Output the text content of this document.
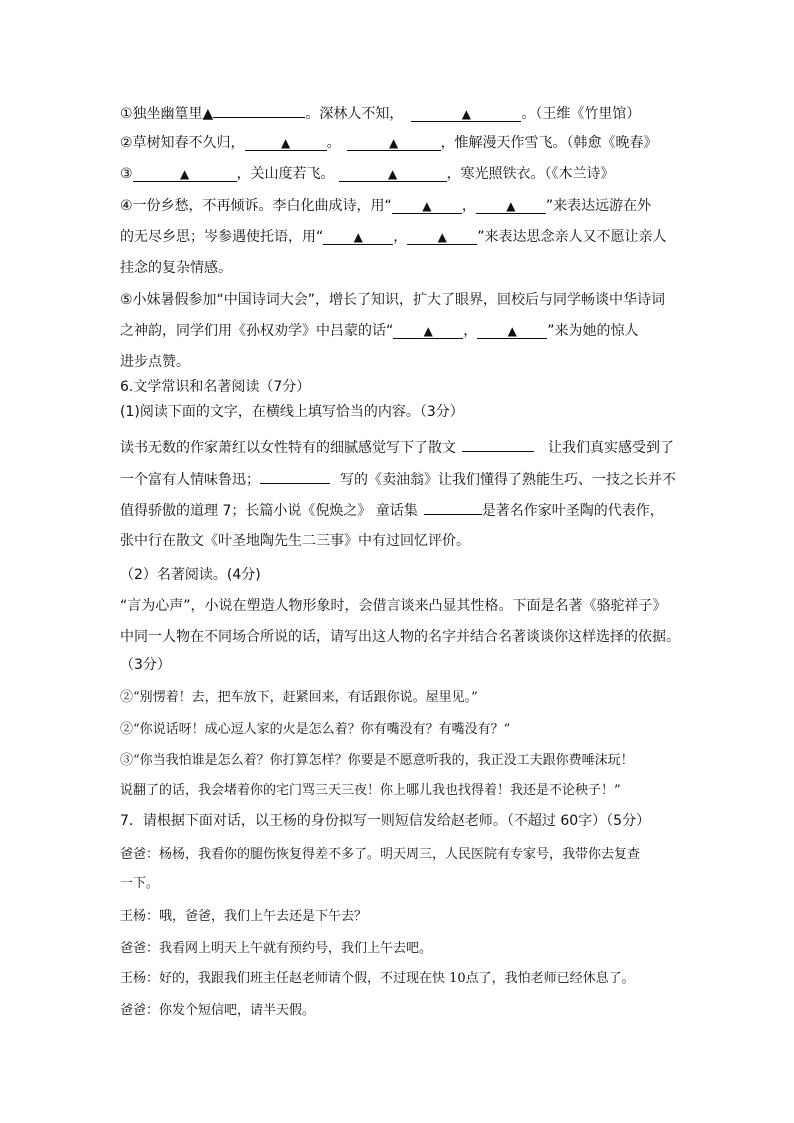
①独坐幽篁里▲	。深林人不知，	▲	。（王维《竹里馆）
②草树知春不久归，	▲	。	▲	，惟解漫天作雪飞。（韩愈《晚春》
③	▲	，关山度若飞。	▲	，寒光照铁衣。（《木兰诗》
④一份乡愁，不再倾诉。李白化曲成诗，用“	▲ ，	▲ ”来表达远游在外
的无尽乡思；岑参遇使托语，用“	▲ ，	▲ ”来表达思念亲人又不愿让亲人
挂念的复杂情感。
⑤小妹暑假参加“中国诗词大会”，增长了知识，扩大了眼界，回校后与同学畅谈中华诗词
之神韵，同学们用《孙权劝学》中吕蒙的话“	▲ ，	▲ ”来为她的惊人
进步点赞。
6.文学常识和名著阅读（7分）
(1)阅读下面的文字，在横线上填写恰当的内容。（3分）
读书无数的作家萧红以女性特有的细腻感觉写下了散文	让我们真实感受到了
一个富有人情味鲁迅；	写的《卖油翁》让我们懂得了熟能生巧、一技之长并不
值得骄傲的道理 7；长篇小说《倪焕之》 童话集	是著名作家叶圣陶的代表作，
张中行在散文《叶圣地陶先生二三事》中有过回忆评价。
（2）名著阅读。(4分)
“言为心声”，小说在塑造人物形象时，会借言谈来凸显其性格。下面是名著《骆驼祥子》
中同一人物在不同场合所说的话，请写出这人物的名字并结合名著谈谈你这样选择的依据。
（3分）
②“别愣着！去，把车放下，赶紧回来，有话跟你说。屋里见。”
②“你说话呀！成心逗人家的火是怎么着？你有嘴没有？有嘴没有？”
③“你当我怕谁是怎么着？你打算怎样？你要是不愿意听我的，我正没工夫跟你费唾沫玩！
说翻了的话，我会堵着你的宅门骂三天三夜！你上哪儿我也找得着！我还是不论秧子！”
7．请根据下面对话，以王杨的身份拟写一则短信发给赵老师。（不超过 60字）（5分）
爸爸：杨杨，我看你的腿伤恢复得差不多了。明天周三，人民医院有专家号，我带你去复查
一下。
王杨：哦，爸爸，我们上午去还是下午去？
爸爸：我看网上明天上午就有预约号，我们上午去吧。
王杨：好的，我跟我们班主任赵老师请个假，不过现在快 10点了，我怕老师已经休息了。
爸爸：你发个短信吧，请半天假。
